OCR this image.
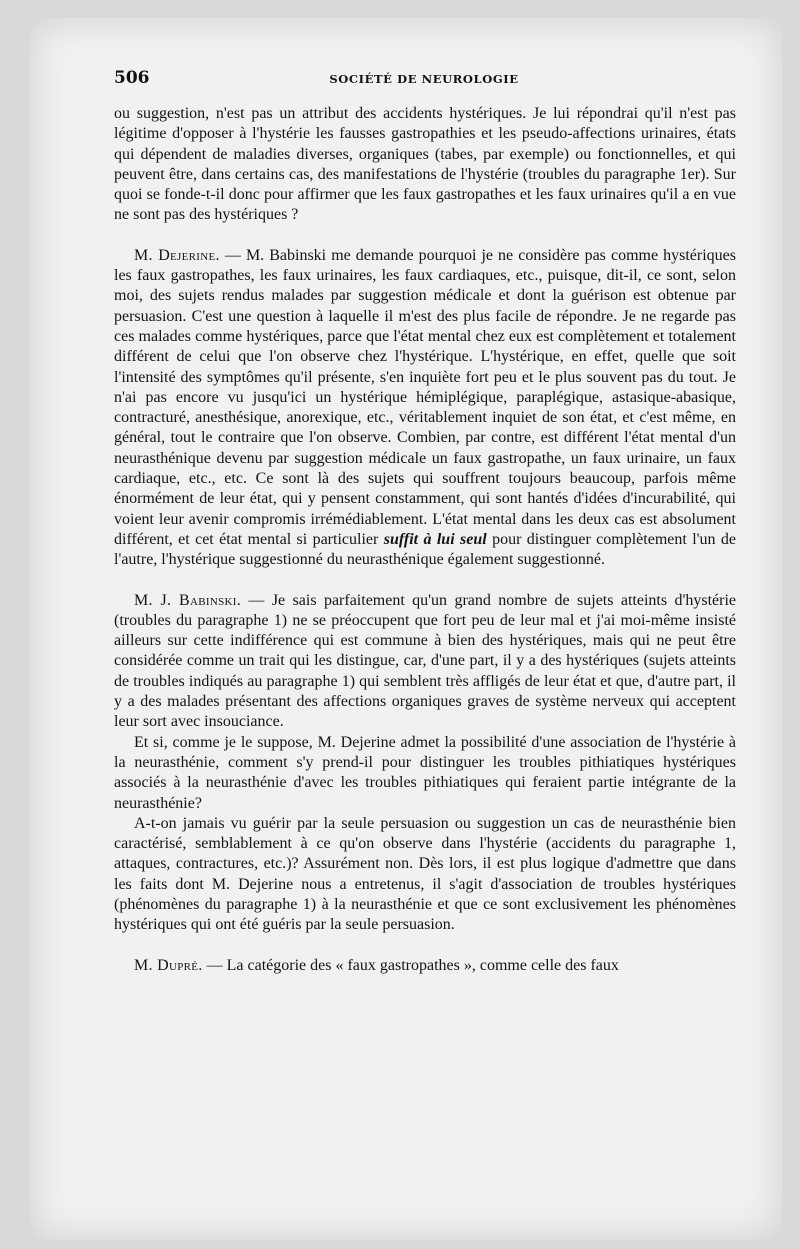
506	SOCIÉTÉ DE NEUROLOGIE

ou suggestion, n'est pas un attribut des accidents hystériques. Je lui répondrai qu'il n'est pas légitime d'opposer à l'hystérie les fausses gastropathies et les pseudo-affections urinaires, états qui dépendent de maladies diverses, organiques (tabes, par exemple) ou fonctionnelles, et qui peuvent être, dans certains cas, des manifestations de l'hystérie (troubles du paragraphe 1er). Sur quoi se fonde-t-il donc pour affirmer que les faux gastropathes et les faux urinaires qu'il a en vue ne sont pas des hystériques ?

M. Dejerine. — M. Babinski me demande pourquoi je ne considère pas comme hystériques les faux gastropathes, les faux urinaires, les faux cardiaques, etc., puisque, dit-il, ce sont, selon moi, des sujets rendus malades par suggestion médicale et dont la guérison est obtenue par persuasion. C'est une question à laquelle il m'est des plus facile de répondre. Je ne regarde pas ces malades comme hystériques, parce que l'état mental chez eux est complètement et totalement différent de celui que l'on observe chez l'hystérique. L'hystérique, en effet, quelle que soit l'intensité des symptômes qu'il présente, s'en inquiète fort peu et le plus souvent pas du tout. Je n'ai pas encore vu jusqu'ici un hystérique hémiplégique, paraplégique, astasique-abasique, contracturé, anesthésique, anorexique, etc., véritablement inquiet de son état, et c'est même, en général, tout le contraire que l'on observe. Combien, par contre, est différent l'état mental d'un neurasthénique devenu par suggestion médicale un faux gastropathe, un faux urinaire, un faux cardiaque, etc., etc. Ce sont là des sujets qui souffrent toujours beaucoup, parfois même énormément de leur état, qui y pensent constamment, qui sont hantés d'idées d'incurabilité, qui voient leur avenir compromis irrémédiablement. L'état mental dans les deux cas est absolument différent, et cet état mental si particulier suffit à lui seul pour distinguer complètement l'un de l'autre, l'hystérique suggestionné du neurasthénique également suggestionné.

M. J. Babinski. — Je sais parfaitement qu'un grand nombre de sujets atteints d'hystérie (troubles du paragraphe 1) ne se préoccupent que fort peu de leur mal et j'ai moi-même insisté ailleurs sur cette indifférence qui est commune à bien des hystériques, mais qui ne peut être considérée comme un trait qui les distingue, car, d'une part, il y a des hystériques (sujets atteints de troubles indiqués au paragraphe 1) qui semblent très affligés de leur état et que, d'autre part, il y a des malades présentant des affections organiques graves de système nerveux qui acceptent leur sort avec insouciance.

Et si, comme je le suppose, M. Dejerine admet la possibilité d'une association de l'hystérie à la neurasthénie, comment s'y prend-il pour distinguer les troubles pithiatiques hystériques associés à la neurasthénie d'avec les troubles pithiatiques qui feraient partie intégrante de la neurasthénie?

A-t-on jamais vu guérir par la seule persuasion ou suggestion un cas de neurasthénie bien caractérisé, semblablement à ce qu'on observe dans l'hystérie (accidents du paragraphe 1, attaques, contractures, etc.)? Assurément non. Dès lors, il est plus logique d'admettre que dans les faits dont M. Dejerine nous a entretenus, il s'agit d'association de troubles hystériques (phénomènes du paragraphe 1) à la neurasthénie et que ce sont exclusivement les phénomènes hystériques qui ont été guéris par la seule persuasion.

M. Dupré. — La catégorie des « faux gastropathes », comme celle des faux
